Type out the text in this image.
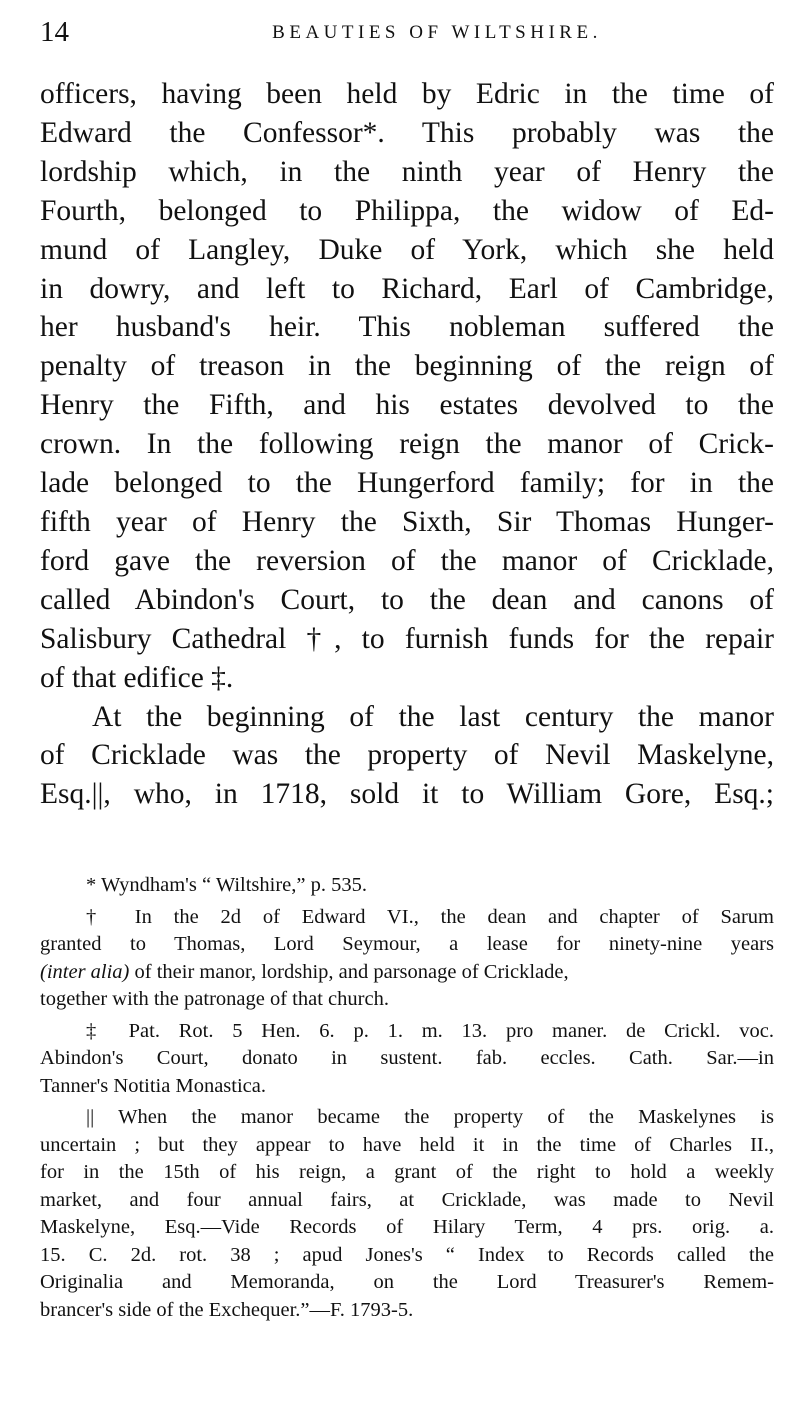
14	BEAUTIES OF WILTSHIRE.
officers, having been held by Edric in the time of
Edward the Confessor*. This probably was the
lordship which, in the ninth year of Henry the
Fourth, belonged to Philippa, the widow of Ed-
mund of Langley, Duke of York, which she held
in dowry, and left to Richard, Earl of Cambridge,
her husband's heir. This nobleman suffered the
penalty of treason in the beginning of the reign of
Henry the Fifth, and his estates devolved to the
crown. In the following reign the manor of Crick-
lade belonged to the Hungerford family; for in the
fifth year of Henry the Sixth, Sir Thomas Hunger-
ford gave the reversion of the manor of Cricklade,
called Abindon's Court, to the dean and canons of
Salisbury Cathedral †, to furnish funds for the repair
of that edifice ‡.
At the beginning of the last century the manor
of Cricklade was the property of Nevil Maskelyne,
Esq.||, who, in 1718, sold it to William Gore, Esq.;
* Wyndham's “ Wiltshire,” p. 535.
† In the 2d of Edward VI., the dean and chapter of Sarum
granted to Thomas, Lord Seymour, a lease for ninety-nine years
(inter alia) of their manor, lordship, and parsonage of Cricklade,
together with the patronage of that church.
‡ Pat. Rot. 5 Hen. 6. p. 1. m. 13. pro maner. de Crickl. voc.
Abindon's Court, donato in sustent. fab. eccles. Cath. Sar.—in
Tanner's Notitia Monastica.
|| When the manor became the property of the Maskelynes is
uncertain ; but they appear to have held it in the time of Charles II.,
for in the 15th of his reign, a grant of the right to hold a weekly
market, and four annual fairs, at Cricklade, was made to Nevil
Maskelyne, Esq.—Vide Records of Hilary Term, 4 prs. orig. a.
15. C. 2d. rot. 38 ; apud Jones's “ Index to Records called the
Originalia and Memoranda, on the Lord Treasurer's Remem-
brancer's side of the Exchequer.”—F. 1793-5.
